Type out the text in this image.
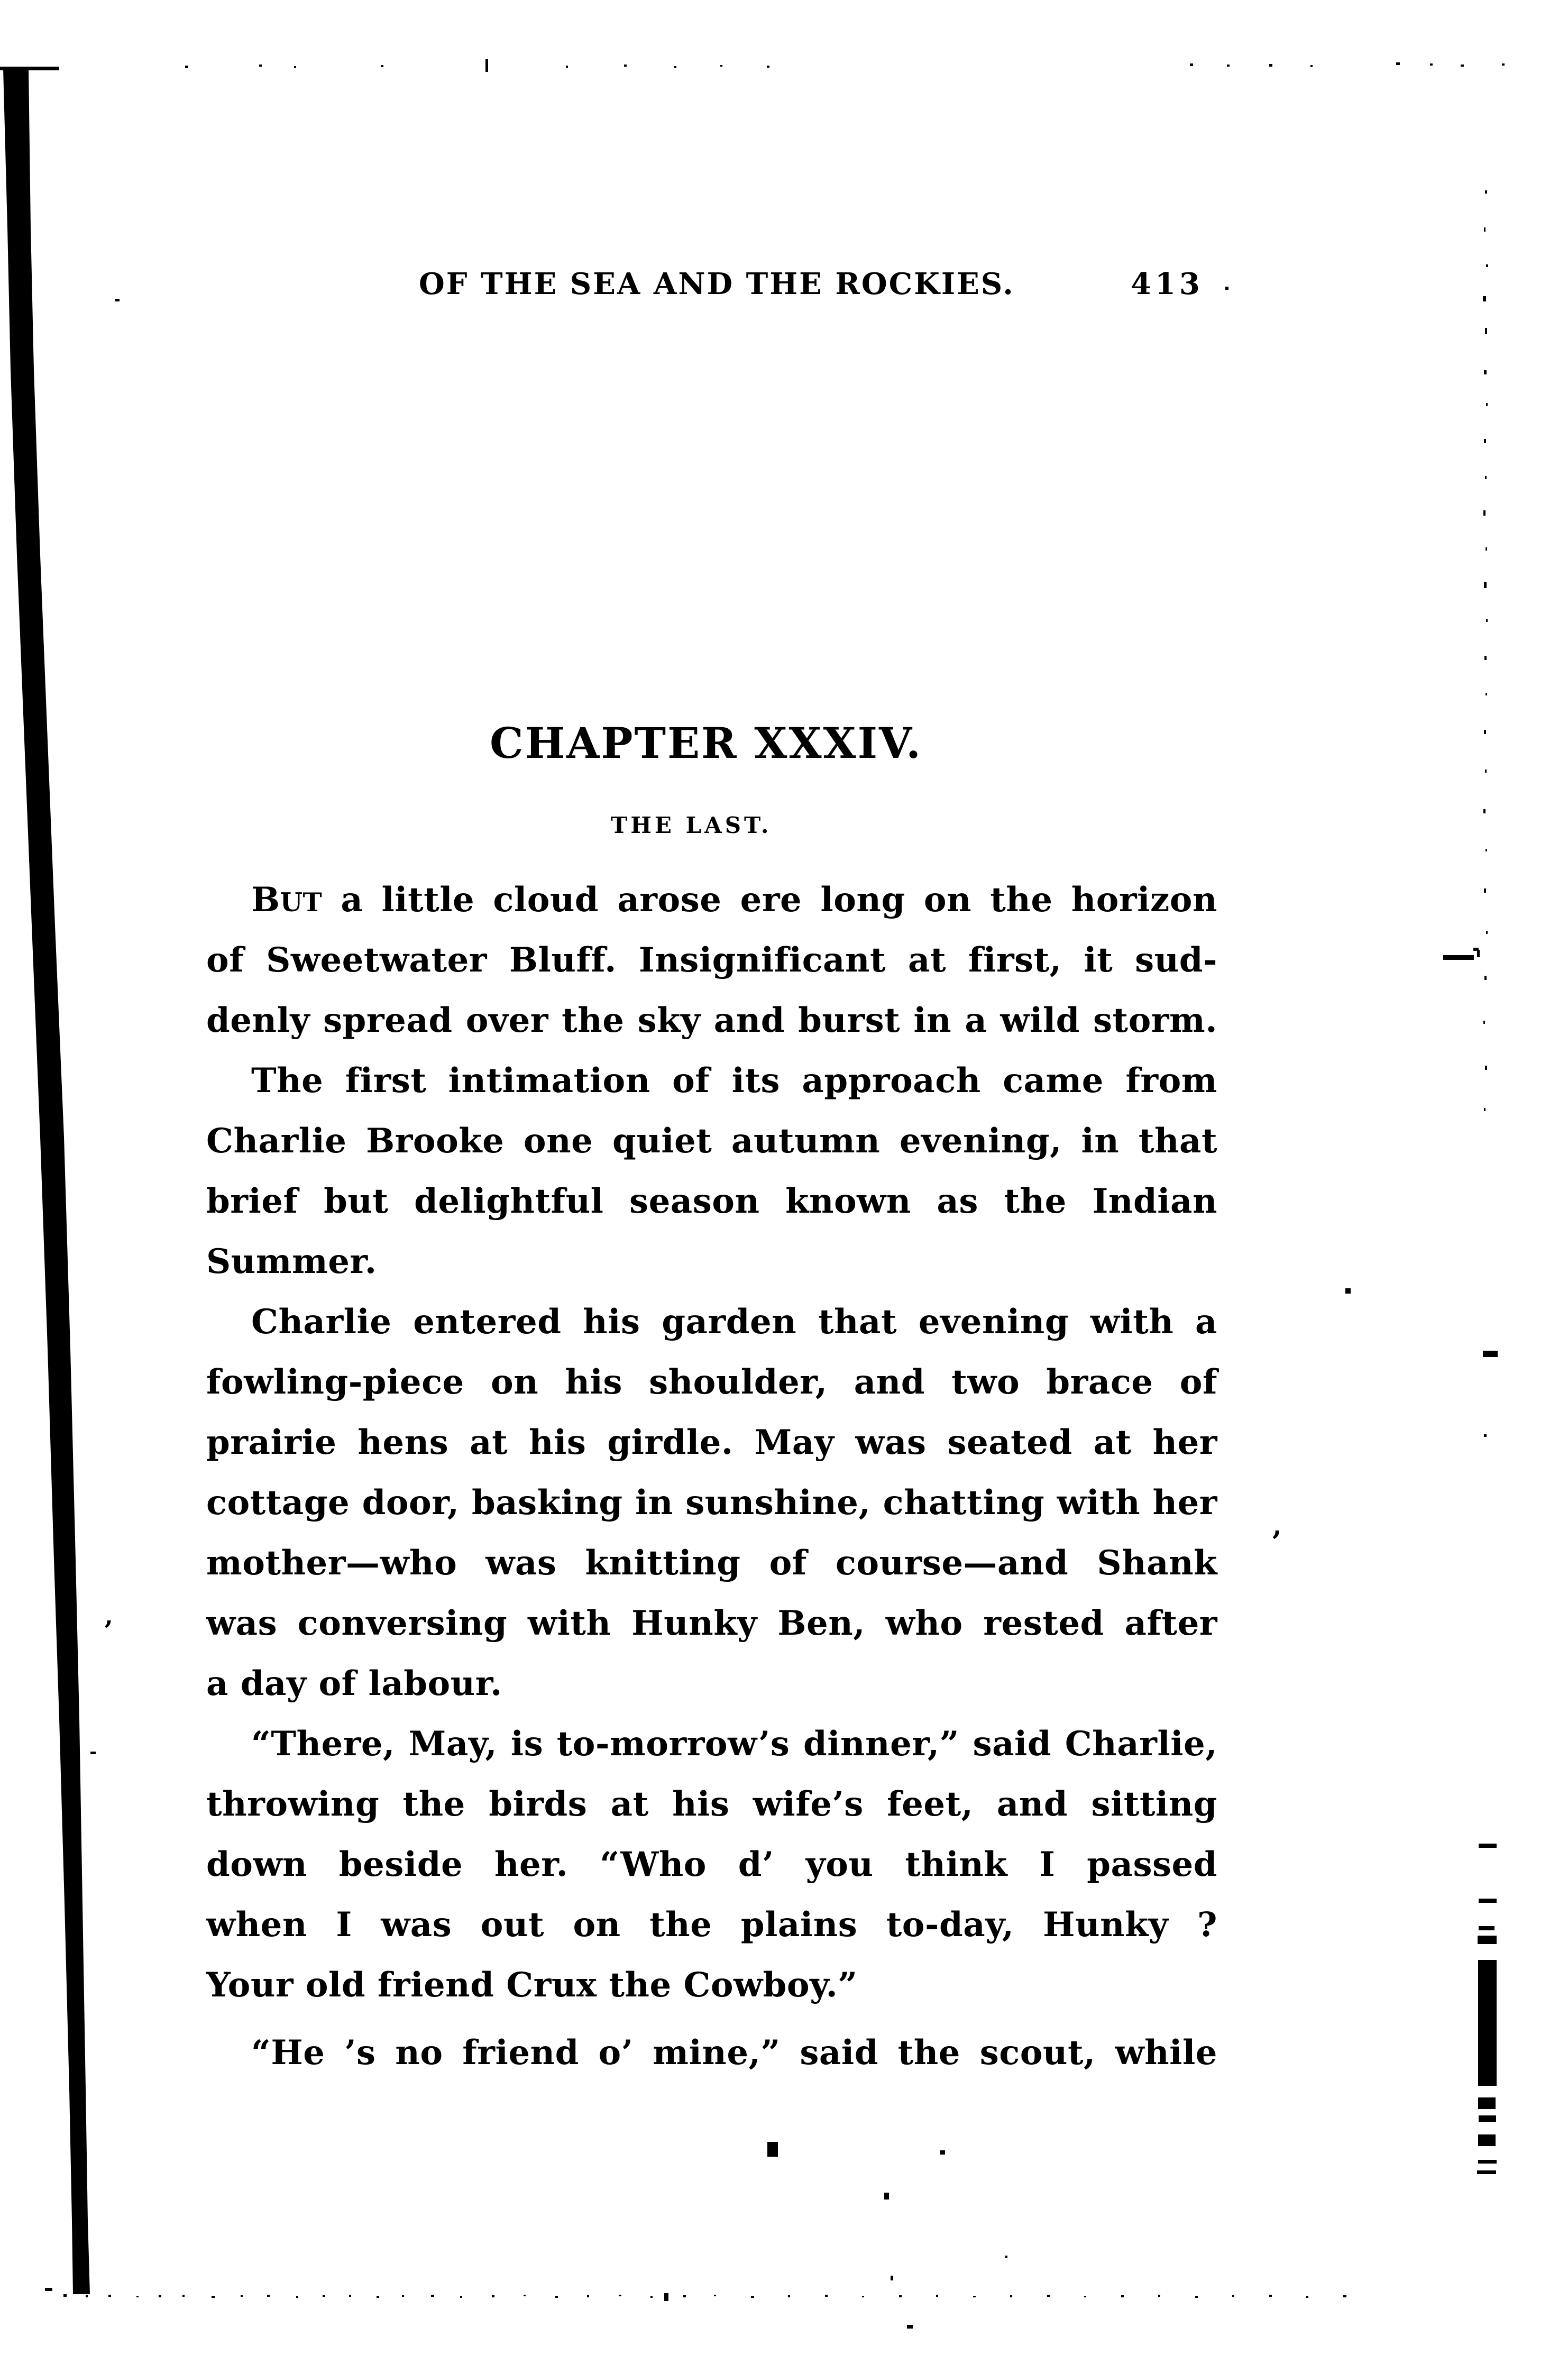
OF THE SEA AND THE ROCKIES.	413
CHAPTER XXXIV.
THE LAST.
BUT a little cloud arose ere long on the horizon
of Sweetwater Bluff. Insignificant at first, it sud-
denly spread over the sky and burst in a wild storm.
The first intimation of its approach came from
Charlie Brooke one quiet autumn evening, in that
brief but delightful season known as the Indian
Summer.
Charlie entered his garden that evening with a
fowling-piece on his shoulder, and two brace of
prairie hens at his girdle. May was seated at her
cottage door, basking in sunshine, chatting with her
mother—who was knitting of course—and Shank
was conversing with Hunky Ben, who rested after
a day of labour.
“There, May, is to-morrow’s dinner,” said Charlie,
throwing the birds at his wife’s feet, and sitting
down beside her. “Who d’ you think I passed
when I was out on the plains to-day, Hunky ?
Your old friend Crux the Cowboy.”
“He ’s no friend o’ mine,” said the scout, while
’
’
